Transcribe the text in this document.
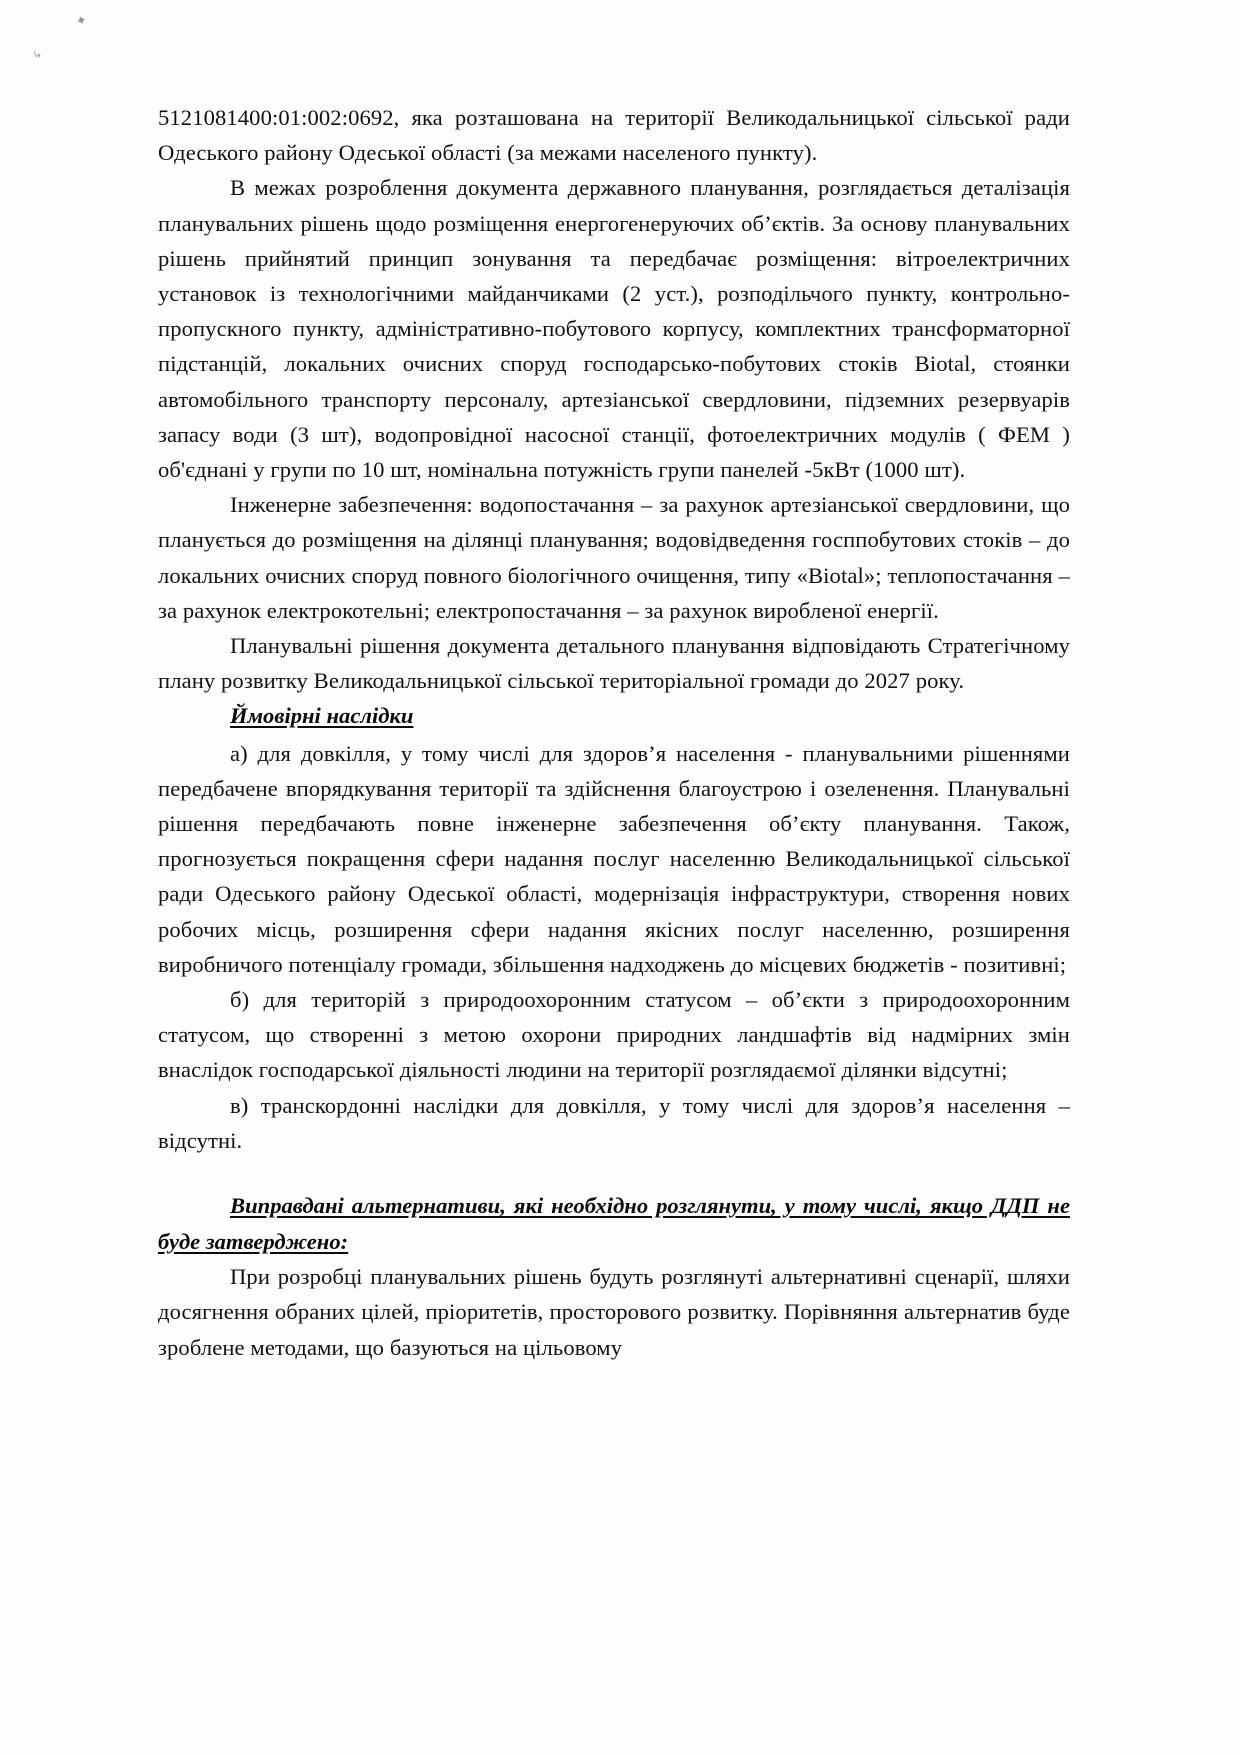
✦
↳

5121081400:01:002:0692, яка розташована на території Великодальницької сільської ради Одеського району Одеської області (за межами населеного пункту).

В межах розроблення документа державного планування, розглядається деталізація планувальних рішень щодо розміщення енергогенеруючих об’єктів. За основу планувальних рішень прийнятий принцип зонування та передбачає розміщення: вітроелектричних установок із технологічними майданчиками (2 уст.), розподільчого пункту, контрольно-пропускного пункту, адміністративно-побутового корпусу, комплектних трансформаторної підстанцій, локальних очисних споруд господарсько-побутових стоків Biotal, стоянки автомобільного транспорту персоналу, артезіанської свердловини, підземних резервуарів запасу води (3 шт), водопровідної насосної станції, фотоелектричних модулів ( ФЕМ ) об'єднані у групи по 10 шт, номінальна потужність групи панелей -5кВт (1000 шт).

Інженерне забезпечення: водопостачання – за рахунок артезіанської свердловини, що планується до розміщення на ділянці планування; водовідведення госппобутових стоків – до локальних очисних споруд повного біологічного очищення, типу «Biotal»; теплопостачання – за рахунок електрокотельні; електропостачання – за рахунок виробленої енергії.

Планувальні рішення документа детального планування відповідають Стратегічному плану розвитку Великодальницької сільської територіальної громади до 2027 року.

Ймовірні наслідки

а) для довкілля, у тому числі для здоров’я населення - планувальними рішеннями передбачене впорядкування території та здійснення благоустрою і озеленення. Планувальні рішення передбачають повне інженерне забезпечення об’єкту планування. Також, прогнозується покращення сфери надання послуг населенню Великодальницької сільської ради Одеського району Одеської області, модернізація інфраструктури, створення нових робочих місць, розширення сфери надання якісних послуг населенню, розширення виробничого потенціалу громади, збільшення надходжень до місцевих бюджетів - позитивні;

б) для територій з природоохоронним статусом – об’єкти з природоохоронним статусом, що створенні з метою охорони природних ландшафтів від надмірних змін внаслідок господарської діяльності людини на території розглядаємої ділянки відсутні;

в) транскордонні наслідки для довкілля, у тому числі для здоров’я населення – відсутні.

Виправдані альтернативи, які необхідно розглянути, у тому числі, якщо ДДП не буде затверджено:

При розробці планувальних рішень будуть розглянуті альтернативні сценарії, шляхи досягнення обраних цілей, пріоритетів, просторового розвитку. Порівняння альтернатив буде зроблене методами, що базуються на цільовому
